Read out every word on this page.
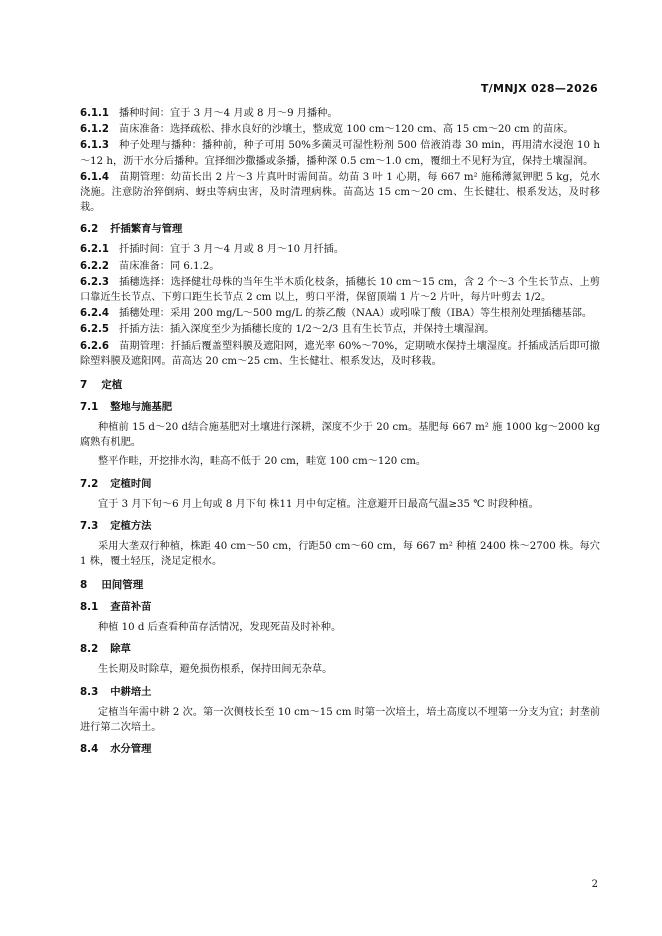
T/MNJX 028—2026
6.1.1 播种时间：宜于 3 月～4 月或 8 月～9 月播种。
6.1.2 苗床准备：选择疏松、排水良好的沙壤土，整成宽 100 cm～120 cm、高 15 cm～20 cm 的苗床。
6.1.3 种子处理与播种：播种前，种子可用 50%多菌灵可湿性粉剂 500 倍液消毒 30 min，再用清水浸泡 10 h～12 h，沥干水分后播种。宜择细沙撒播或条播，播种深 0.5 cm～1.0 cm，覆细土不见籽为宜，保持土壤湿润。
6.1.4 苗期管理：幼苗长出 2 片～3 片真叶时需间苗。幼苗 3 叶 1 心期，每 667 m² 施稀薄氮钾肥 5 kg，兑水浇施。注意防治猝倒病、蚜虫等病虫害，及时清理病株。苗高达 15 cm～20 cm、生长健壮、根系发达，及时移栽。
6.2 扦插繁育与管理
6.2.1 扦插时间：宜于 3 月～4 月或 8 月～10 月扦插。
6.2.2 苗床准备：同 6.1.2。
6.2.3 插穗选择：选择健壮母株的当年生半木质化枝条，插穗长 10 cm～15 cm，含 2 个～3 个生长节点、上剪口靠近生长节点、下剪口距生长节点 2 cm 以上，剪口平滑，保留顶端 1 片～2 片叶，每片叶剪去 1/2。
6.2.4 插穗处理：采用 200 mg/L～500 mg/L 的萘乙酸（NAA）或吲哚丁酸（IBA）等生根剂处理插穗基部。
6.2.5 扦插方法：插入深度至少为插穗长度的 1/2～2/3 且有生长节点，并保持土壤湿润。
6.2.6 苗期管理：扦插后覆盖塑料膜及遮阳网，遮光率 60%～70%，定期喷水保持土壤湿度。扦插成活后即可撤除塑料膜及遮阳网。苗高达 20 cm～25 cm、生长健壮、根系发达，及时移栽。
7 定植
7.1 整地与施基肥
种植前 15 d～20 d结合施基肥对土壤进行深耕，深度不少于 20 cm。基肥每 667 m² 施 1000 kg～2000 kg腐熟有机肥。
整平作畦，开挖排水沟，畦高不低于 20 cm，畦宽 100 cm～120 cm。
7.2 定植时间
宜于 3 月下旬～6 月上旬或 8 月下旬 株11 月中旬定植。注意避开日最高气温≥35 ℃ 时段种植。
7.3 定植方法
采用大垄双行种植，株距 40 cm～50 cm，行距50 cm～60 cm，每 667 m² 种植 2400 株～2700 株。每穴 1 株，覆土轻压，浇足定根水。
8 田间管理
8.1 查苗补苗
种植 10 d 后查看种苗存活情况，发现死苗及时补种。
8.2 除草
生长期及时除草，避免损伤根系，保持田间无杂草。
8.3 中耕培土
定植当年需中耕 2 次。第一次侧枝长至 10 cm～15 cm 时第一次培土，培土高度以不埋第一分支为宜；封垄前进行第二次培土。
8.4 水分管理
2
